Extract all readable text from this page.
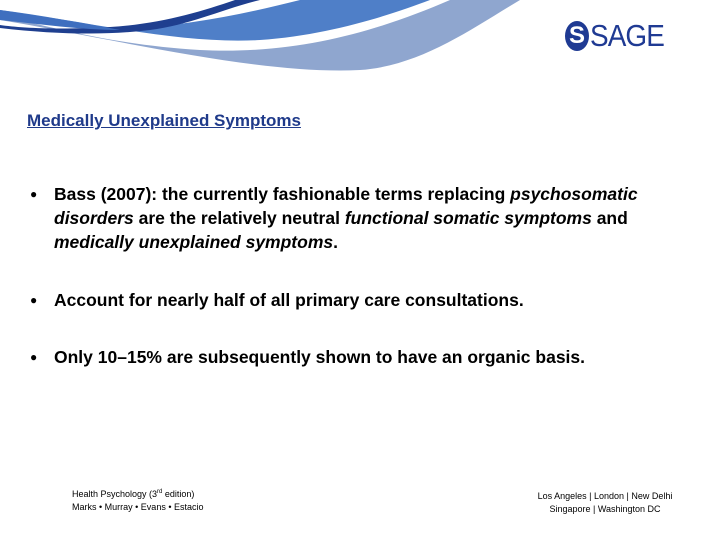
S SAGE
Medically Unexplained Symptoms
● Bass (2007): the currently fashionable terms replacing psychosomatic disorders are the relatively neutral functional somatic symptoms and medically unexplained symptoms.
● Account for nearly half of all primary care consultations.
● Only 10–15% are subsequently shown to have an organic basis.
Health Psychology (3rd edition)
Marks • Murray • Evans • Estacio
Los Angeles | London | New Delhi
Singapore | Washington DC
